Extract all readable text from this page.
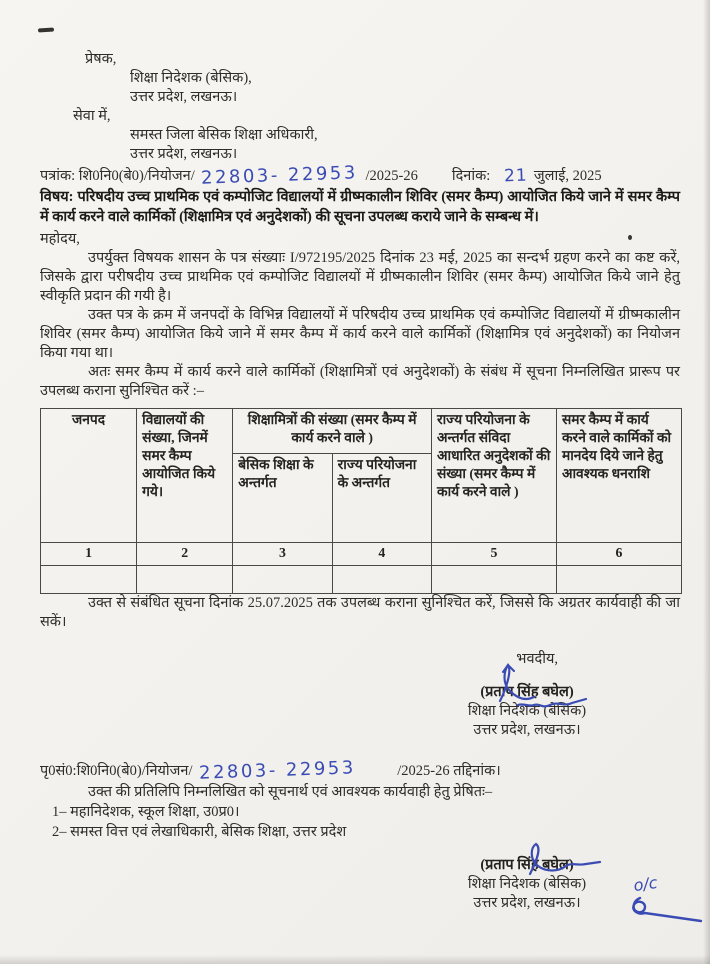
प्रेषक,
शिक्षा निदेशक (बेसिक),
उत्तर प्रदेश, लखनऊ।
सेवा में,
समस्त जिला बेसिक शिक्षा अधिकारी,
उत्तर प्रदेश, लखनऊ।
पत्रांक: शि0नि0(बे0)/नियोजन/ 22803- 22953 /2025-26 दिनांक: 21 जुलाई, 2025
विषय: परिषदीय उच्च प्राथमिक एवं कम्पोजिट विद्यालयों में ग्रीष्मकालीन शिविर (समर कैम्प) आयोजित किये जाने में समर कैम्प में कार्य करने वाले कार्मिकों (शिक्षामित्र एवं अनुदेशकों) की सूचना उपलब्ध कराये जाने के सम्बन्ध में।
महोदय,

उपर्युक्त विषयक शासन के पत्र संख्याः I/972195/2025 दिनांक 23 मई, 2025 का सन्दर्भ ग्रहण करने का कष्ट करें, जिसके द्वारा परीषदीय उच्च प्राथमिक एवं कम्पोजिट विद्यालयों में ग्रीष्मकालीन शिविर (समर कैम्प) आयोजित किये जाने हेतु स्वीकृति प्रदान की गयी है।

उक्त पत्र के क्रम में जनपदों के विभिन्न विद्यालयों में परिषदीय उच्च प्राथमिक एवं कम्पोजिट विद्यालयों में ग्रीष्मकालीन शिविर (समर कैम्प) आयोजित किये जाने में समर कैम्प में कार्य करने वाले कार्मिकों (शिक्षामित्र एवं अनुदेशकों) का नियोजन किया गया था।

अतः समर कैम्प में कार्य करने वाले कार्मिकों (शिक्षामित्रों एवं अनुदेशकों) के संबंध में सूचना निम्नलिखित प्रारूप पर उपलब्ध कराना सुनिश्चित करें :–

जनपद	विद्यालयों की संख्या, जिनमें समर कैम्प आयोजित किये गये।	शिक्षामित्रों की संख्या (समर कैम्प में कार्य करने वाले )		राज्य परियोजना के अन्तर्गत संविदा आधारित अनुदेशकों की संख्या (समर कैम्प में कार्य करने वाले )	समर कैम्प में कार्य करने वाले कार्मिकों को मानदेय दिये जाने हेतु आवश्यक धनराशि
		बेसिक शिक्षा के अन्तर्गत	राज्य परियोजना के अन्तर्गत		
1	2	3	4	5	6

उक्त से संबंधित सूचना दिनांक 25.07.2025 तक उपलब्ध कराना सुनिश्चित करें, जिससे कि अग्रतर कार्यवाही की जा सकें।

भवदीय,
(प्रताप सिंह बघेल)
शिक्षा निदेशक (बेसिक)
उत्तर प्रदेश, लखनऊ।
पृ0सं0:शि0नि0(बे0)/नियोजन/ 22803- 22953	/2025-26 तद्दिनांक।
उक्त की प्रतिलिपि निम्नलिखित को सूचनार्थ एवं आवश्यक कार्यवाही हेतु प्रेषितः–
1– महानिदेशक, स्कूल शिक्षा, उ0प्र0।
2– समस्त वित्त एवं लेखाधिकारी, बेसिक शिक्षा, उत्तर प्रदेश
(प्रताप सिंह बघेल)
शिक्षा निदेशक (बेसिक)
उत्तर प्रदेश, लखनऊ।
o/c
